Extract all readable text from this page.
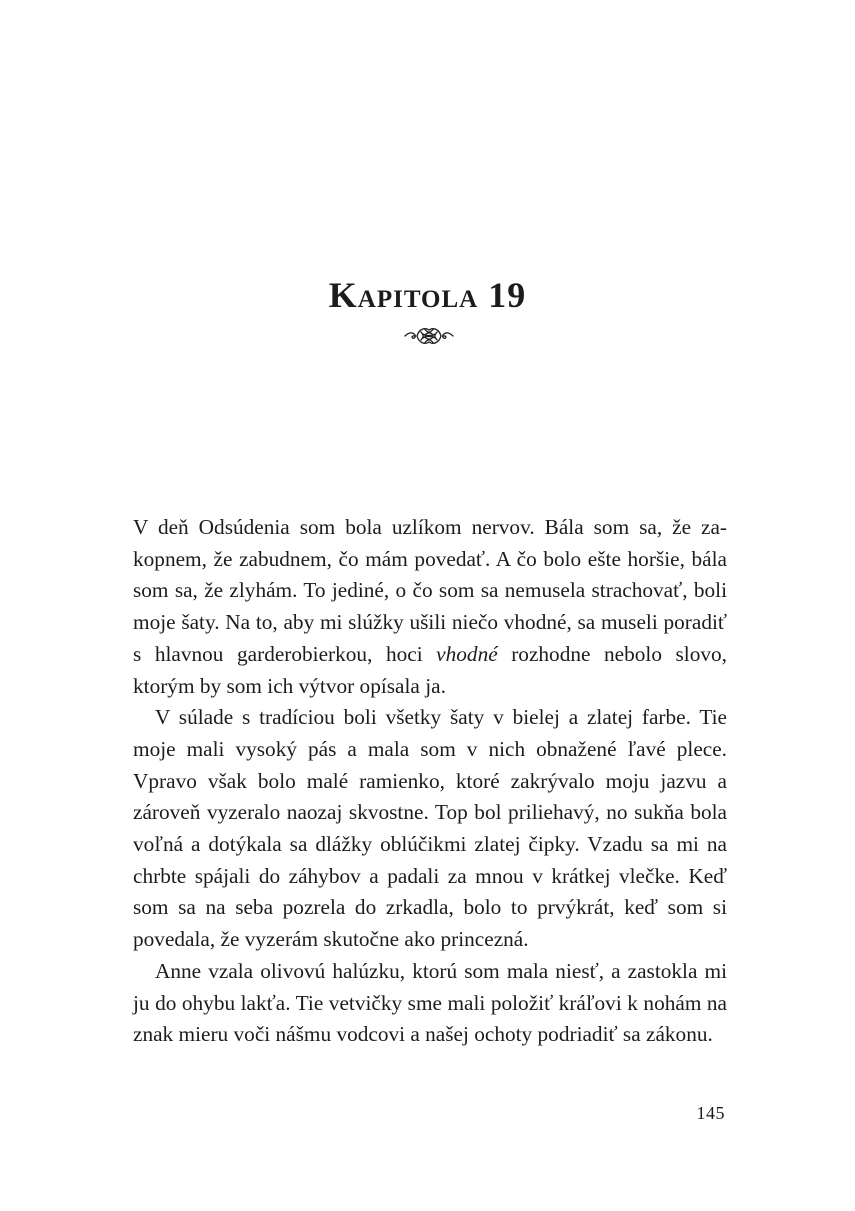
Kapitola 19

V deň Odsúdenia som bola uzlíkom nervov. Bála som sa, že zakopnem, že zabudnem, čo mám povedať. A čo bolo ešte horšie, bála som sa, že zlyhám. To jediné, o čo som sa nemusela strachovať, boli moje šaty. Na to, aby mi slúžky ušili niečo vhodné, sa museli poradiť s hlavnou garderobierkou, hoci vhodné rozhodne nebolo slovo, ktorým by som ich výtvor opísala ja.

V súlade s tradíciou boli všetky šaty v bielej a zlatej farbe. Tie moje mali vysoký pás a mala som v nich obnažené ľavé plece. Vpravo však bolo malé ramienko, ktoré zakrývalo moju jazvu a zároveň vyzeralo naozaj skvostne. Top bol priliehavý, no sukňa bola voľná a dotýkala sa dlážky oblúčikmi zlatej čipky. Vzadu sa mi na chrbte spájali do záhybov a padali za mnou v krátkej vlečke. Keď som sa na seba pozrela do zrkadla, bolo to prvýkrát, keď som si povedala, že vyzerám skutočne ako princezná.

Anne vzala olivovú halúzku, ktorú som mala niesť, a zastokla mi ju do ohybu lakťa. Tie vetvičky sme mali položiť kráľovi k nohám na znak mieru voči nášmu vodcovi a našej ochoty podriadiť sa zákonu.

145
